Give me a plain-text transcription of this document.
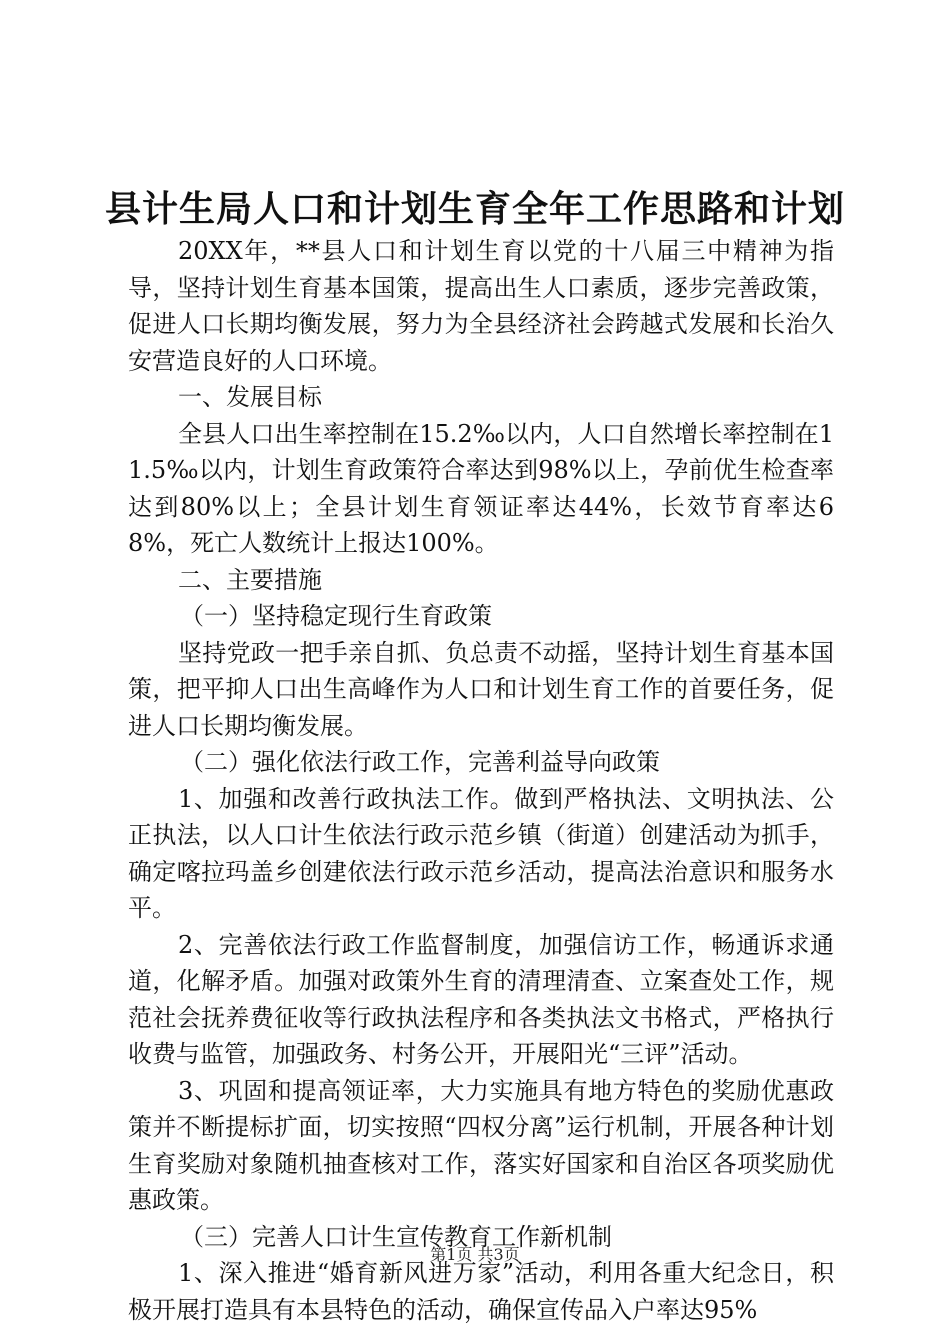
县计生局人口和计划生育全年工作思路和计划

20XX年，**县人口和计划生育以党的十八届三中精神为指导，坚持计划生育基本国策，提高出生人口素质，逐步完善政策，促进人口长期均衡发展，努力为全县经济社会跨越式发展和长治久安营造良好的人口环境。

一、发展目标

全县人口出生率控制在15.2‰以内，人口自然增长率控制在11.5‰以内，计划生育政策符合率达到98%以上，孕前优生检查率达到80%以上；全县计划生育领证率达44%，长效节育率达68%，死亡人数统计上报达100%。

二、主要措施

（一）坚持稳定现行生育政策

坚持党政一把手亲自抓、负总责不动摇，坚持计划生育基本国策，把平抑人口出生高峰作为人口和计划生育工作的首要任务，促进人口长期均衡发展。

（二）强化依法行政工作，完善利益导向政策

1、加强和改善行政执法工作。做到严格执法、文明执法、公正执法，以人口计生依法行政示范乡镇（街道）创建活动为抓手，确定喀拉玛盖乡创建依法行政示范乡活动，提高法治意识和服务水平。

2、完善依法行政工作监督制度，加强信访工作，畅通诉求通道，化解矛盾。加强对政策外生育的清理清查、立案查处工作，规范社会抚养费征收等行政执法程序和各类执法文书格式，严格执行收费与监管，加强政务、村务公开，开展阳光“三评”活动。

3、巩固和提高领证率，大力实施具有地方特色的奖励优惠政策并不断提标扩面，切实按照“四权分离”运行机制，开展各种计划生育奖励对象随机抽查核对工作，落实好国家和自治区各项奖励优惠政策。

（三）完善人口计生宣传教育工作新机制

1、深入推进“婚育新风进万家”活动，利用各重大纪念日，积极开展打造具有本县特色的活动，确保宣传品入户率达95%

第1页 共3页
